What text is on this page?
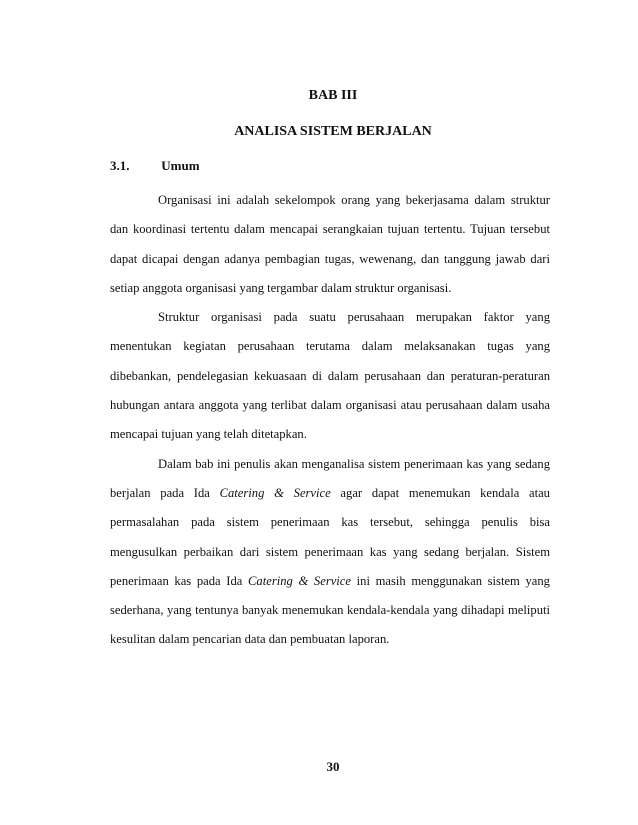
BAB III
ANALISA SISTEM BERJALAN
3.1. Umum

Organisasi ini adalah sekelompok orang yang bekerjasama dalam struktur dan koordinasi tertentu dalam mencapai serangkaian tujuan tertentu. Tujuan tersebut dapat dicapai dengan adanya pembagian tugas, wewenang, dan tanggung jawab dari setiap anggota organisasi yang tergambar dalam struktur organisasi.

Struktur organisasi pada suatu perusahaan merupakan faktor yang menentukan kegiatan perusahaan terutama dalam melaksanakan tugas yang dibebankan, pendelegasian kekuasaan di dalam perusahaan dan peraturan-peraturan hubungan antara anggota yang terlibat dalam organisasi atau perusahaan dalam usaha mencapai tujuan yang telah ditetapkan.

Dalam bab ini penulis akan menganalisa sistem penerimaan kas yang sedang berjalan pada Ida Catering & Service agar dapat menemukan kendala atau permasalahan pada sistem penerimaan kas tersebut, sehingga penulis bisa mengusulkan perbaikan dari sistem penerimaan kas yang sedang berjalan. Sistem penerimaan kas pada Ida Catering & Service ini masih menggunakan sistem yang sederhana, yang tentunya banyak menemukan kendala-kendala yang dihadapi meliputi kesulitan dalam pencarian data dan pembuatan laporan.

30
